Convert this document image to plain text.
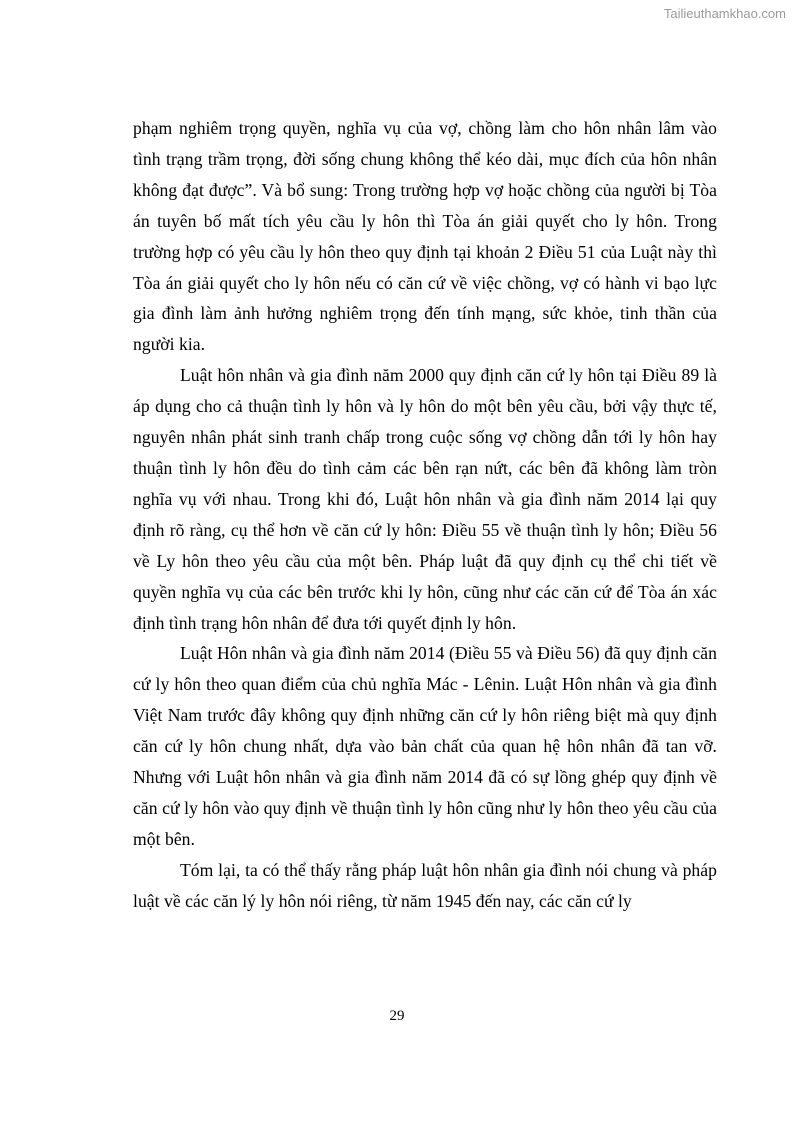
Tailieuthamkhao.com

phạm nghiêm trọng quyền, nghĩa vụ của vợ, chồng làm cho hôn nhân lâm vào tình trạng trầm trọng, đời sống chung không thể kéo dài, mục đích của hôn nhân không đạt được”. Và bổ sung: Trong trường hợp vợ hoặc chồng của người bị Tòa án tuyên bố mất tích yêu cầu ly hôn thì Tòa án giải quyết cho ly hôn. Trong trường hợp có yêu cầu ly hôn theo quy định tại khoản 2 Điều 51 của Luật này thì Tòa án giải quyết cho ly hôn nếu có căn cứ về việc chồng, vợ có hành vi bạo lực gia đình làm ảnh hưởng nghiêm trọng đến tính mạng, sức khỏe, tinh thần của người kia.

Luật hôn nhân và gia đình năm 2000 quy định căn cứ ly hôn tại Điều 89 là áp dụng cho cả thuận tình ly hôn và ly hôn do một bên yêu cầu, bởi vậy thực tế, nguyên nhân phát sinh tranh chấp trong cuộc sống vợ chồng dẫn tới ly hôn hay thuận tình ly hôn đều do tình cảm các bên rạn nứt, các bên đã không làm tròn nghĩa vụ với nhau. Trong khi đó, Luật hôn nhân và gia đình năm 2014 lại quy định rõ ràng, cụ thể hơn về căn cứ ly hôn: Điều 55 về thuận tình ly hôn; Điều 56 về Ly hôn theo yêu cầu của một bên. Pháp luật đã quy định cụ thể chi tiết về quyền nghĩa vụ của các bên trước khi ly hôn, cũng như các căn cứ để Tòa án xác định tình trạng hôn nhân để đưa tới quyết định ly hôn.

Luật Hôn nhân và gia đình năm 2014 (Điều 55 và Điều 56) đã quy định căn cứ ly hôn theo quan điểm của chủ nghĩa Mác - Lênin. Luật Hôn nhân và gia đình Việt Nam trước đây không quy định những căn cứ ly hôn riêng biệt mà quy định căn cứ ly hôn chung nhất, dựa vào bản chất của quan hệ hôn nhân đã tan vỡ. Nhưng với Luật hôn nhân và gia đình năm 2014 đã có sự lồng ghép quy định về căn cứ ly hôn vào quy định về thuận tình ly hôn cũng như ly hôn theo yêu cầu của một bên.

Tóm lại, ta có thể thấy rằng pháp luật hôn nhân gia đình nói chung và pháp luật về các căn lý ly hôn nói riêng, từ năm 1945 đến nay, các căn cứ ly

29
